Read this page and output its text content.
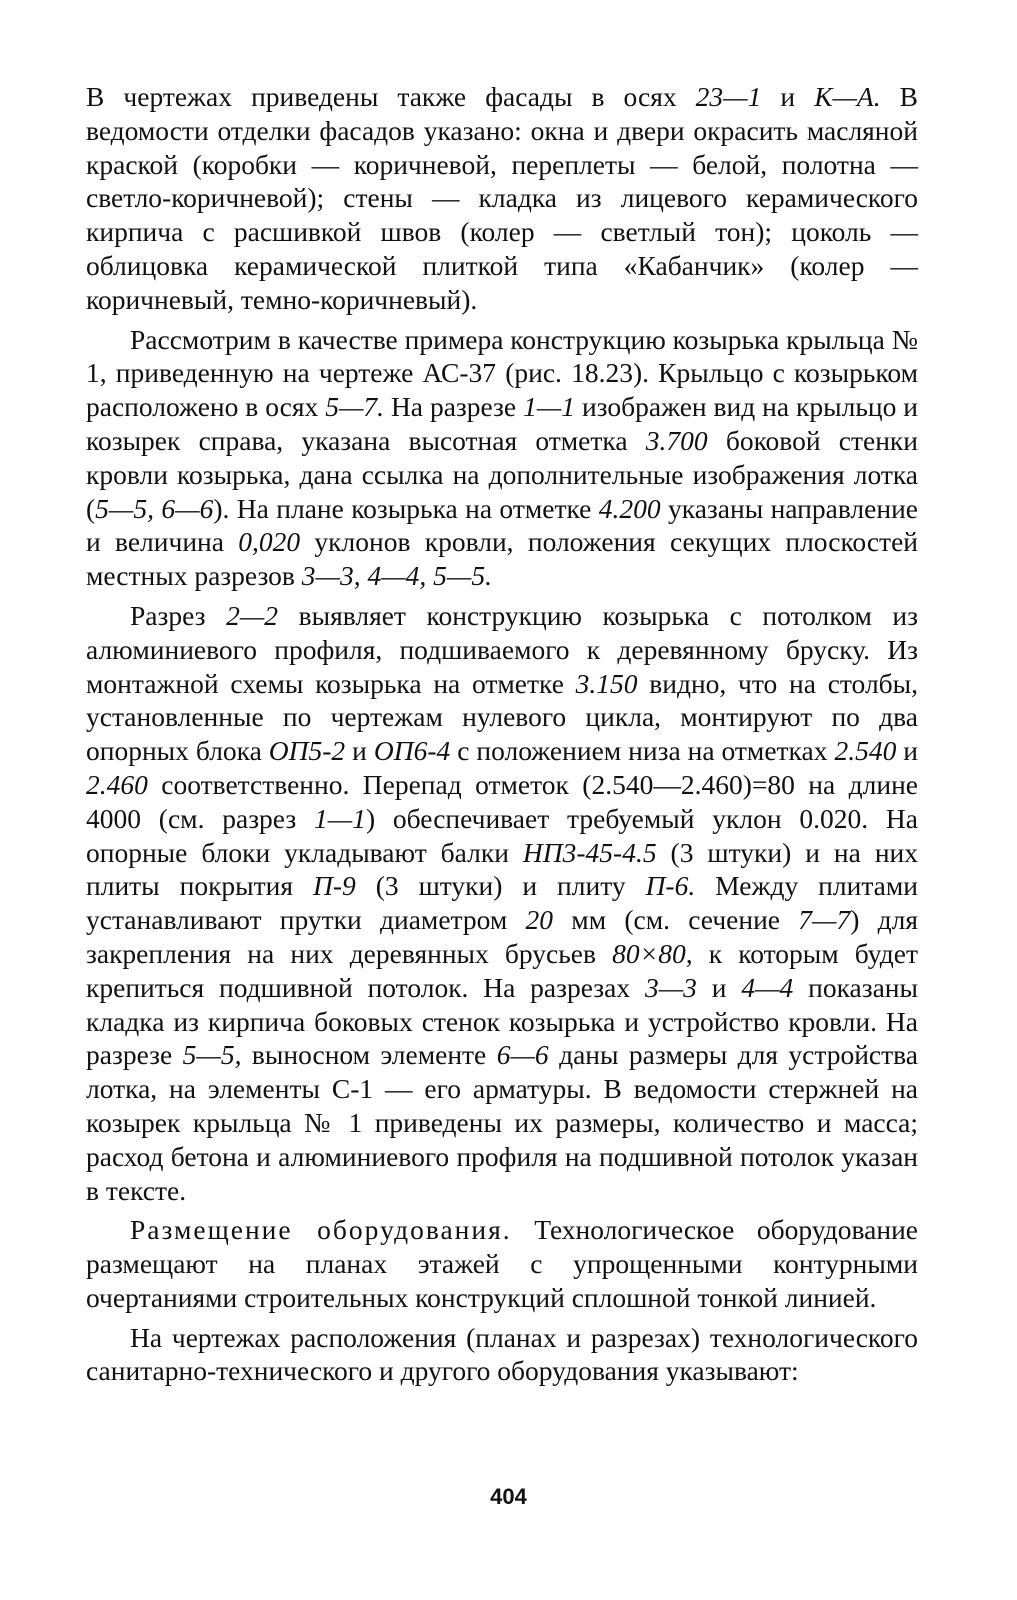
В чертежах приведены также фасады в осях 23—1 и К—А. В ведомости отделки фасадов указано: окна и двери окрасить масляной краской (коробки — коричневой, переплеты — белой, полотна — светло-коричневой); стены — кладка из лицевого керамического кирпича с расшивкой швов (колер — светлый тон); цоколь — облицовка керамической плиткой типа «Кабанчик» (колер — коричневый, темно-коричневый).

Рассмотрим в качестве примера конструкцию козырька крыльца № 1, приведенную на чертеже АС-37 (рис. 18.23). Крыльцо с козырьком расположено в осях 5—7. На разрезе 1—1 изображен вид на крыльцо и козырек справа, указана высотная отметка 3.700 боковой стенки кровли козырька, дана ссылка на дополнительные изображения лотка (5—5, 6—6). На плане козырька на отметке 4.200 указаны направление и величина 0,020 уклонов кровли, положения секущих плоскостей местных разрезов 3—3, 4—4, 5—5.

Разрез 2—2 выявляет конструкцию козырька с потолком из алюминиевого профиля, подшиваемого к деревянному бруску. Из монтажной схемы козырька на отметке 3.150 видно, что на столбы, установленные по чертежам нулевого цикла, монтируют по два опорных блока ОП5-2 и ОП6-4 с положением низа на отметках 2.540 и 2.460 соответственно. Перепад отметок (2.540—2.460)=80 на длине 4000 (см. разрез 1—1) обеспечивает требуемый уклон 0.020. На опорные блоки укладывают балки НП3-45-4.5 (3 штуки) и на них плиты покрытия П-9 (3 штуки) и плиту П-6. Между плитами устанавливают прутки диаметром 20 мм (см. сечение 7—7) для закрепления на них деревянных брусьев 80×80, к которым будет крепиться подшивной потолок. На разрезах 3—3 и 4—4 показаны кладка из кирпича боковых стенок козырька и устройство кровли. На разрезе 5—5, выносном элементе 6—6 даны размеры для устройства лотка, на элементы С-1 — его арматуры. В ведомости стержней на козырек крыльца № 1 приведены их размеры, количество и масса; расход бетона и алюминиевого профиля на подшивной потолок указан в тексте.

Размещение оборудования. Технологическое оборудование размещают на планах этажей с упрощенными контурными очертаниями строительных конструкций сплошной тонкой линией.

На чертежах расположения (планах и разрезах) технологического санитарно-технического и другого оборудования указывают:

404
